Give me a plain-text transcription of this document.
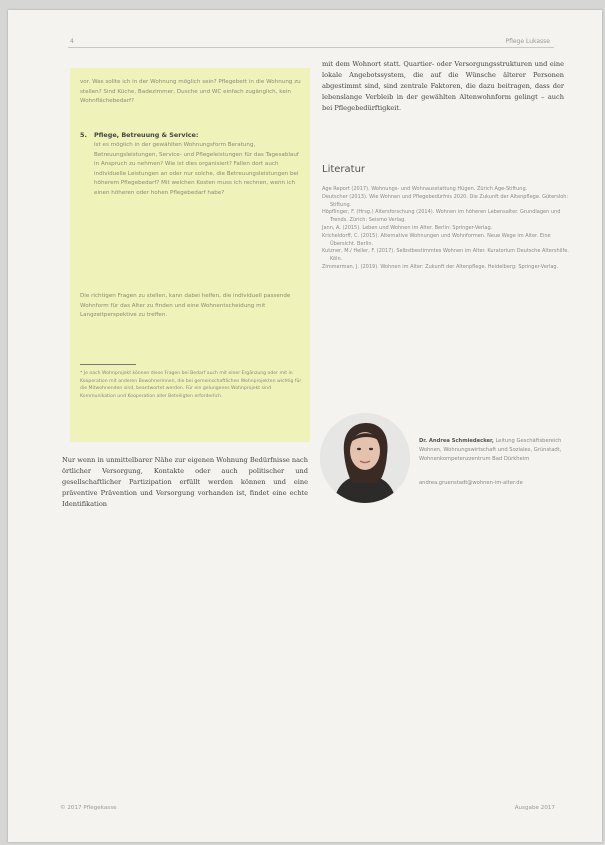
4	Pflege Lukasse

vor. Was sollte ich in der Wohnung möglich sein? Pflegebett in die Wohnung zu stellen? Sind Küche, Badezimmer, Dusche und WC einfach zugänglich, kein Wohnflächebedarf?

5. Pflege, Betreuung & Service:
Ist es möglich in der gewählten Wohnungsform Beratung, Betreuungsleistungen, Service- und Pflegeleistungen für das Tagesablauf in Anspruch zu nehmen? Wie ist dies organisiert? Fallen dort auch individuelle Leistungen an oder nur solche, die Betreuungsleistungen bei höherem Pflegebedarf? Mit welchen Kosten muss ich rechnen, wenn ich einen höheren oder hohen Pflegebedarf habe?

Die richtigen Fragen zu stellen, kann dabei helfen, die individuell passende Wohnform für das Alter zu finden und eine Wohnentscheidung mit Langzeitperspektive zu treffen.

* Je nach Wohnprojekt können diese Fragen bei Bedarf auch mit einer Ergänzung oder mit in Kooperation mit anderen Bewohnerinnen, die bei gemeinschaftlichen Wohnprojekten wichtig für die Mitwohnenden sind, beantwortet werden. Für ein gelungenes Wohnprojekt sind Kommunikation und Kooperation aller Beteiligten erforderlich.
Nur wenn in unmittelbarer Nähe zur eigenen Wohnung Bedürfnisse nach örtlicher Versorgung, Kontakte oder auch politischer und gesellschaftlicher Partizipation erfüllt werden können und eine präventive Prävention und Versorgung vorhanden ist, findet eine echte Identifikation
mit dem Wohnort statt. Quartier- oder Versorgungsstrukturen und eine lokale Angebotssystem, die auf die Wünsche älterer Personen abgestimmt sind, sind zentrale Faktoren, die dazu beitragen, dass der lebenslange Verbleib in der gewählten Altenwohnform gelingt – auch bei Pflegebedürftigkeit.
Literatur
Age Report (2017). Wohnungs- und Wohnausstattung Hügen. Zürich Age-Stiftung.
Deutscher (2013). Wie Wohnen und Pflegebedürfnis 2020. Die Zukunft der Altenpflege. Gütersloh: Stiftung.
Höpflinger, F. (Hrsg.) Altersforschung (2014). Wohnen im höheren Lebensalter. Grundlagen und Trends. Zürich: Seismo Verlag.
Jann, A. (2015). Leben und Wohnen im Alter. Berlin: Springer-Verlag.
Kricheldorff, C. (2015). Alternative Wohnungen und Wohnformen. Neue Wege im Alter. Eine Übersicht. Berlin.
Kutzner, M./ Heller, F. (2017). Selbstbestimmtes Wohnen im Alter. Kuratorium Deutsche Altershilfe. Köln.
Zimmerman, J. (2019). Wohnen im Alter: Zukunft der Altenpflege. Heidelberg: Springer-Verlag.
Dr. Andrea Schmiedecker, Leitung Geschäftsbereich Wohnen, Wohnungswirtschaft und Soziales, Grünstadt, Wohnenkompetenzzentrum Bad Dürkheim
andrea.gruenstadt@wohnen-im-alter.de
© 2017 Pflegekasse	Ausgabe 2017
